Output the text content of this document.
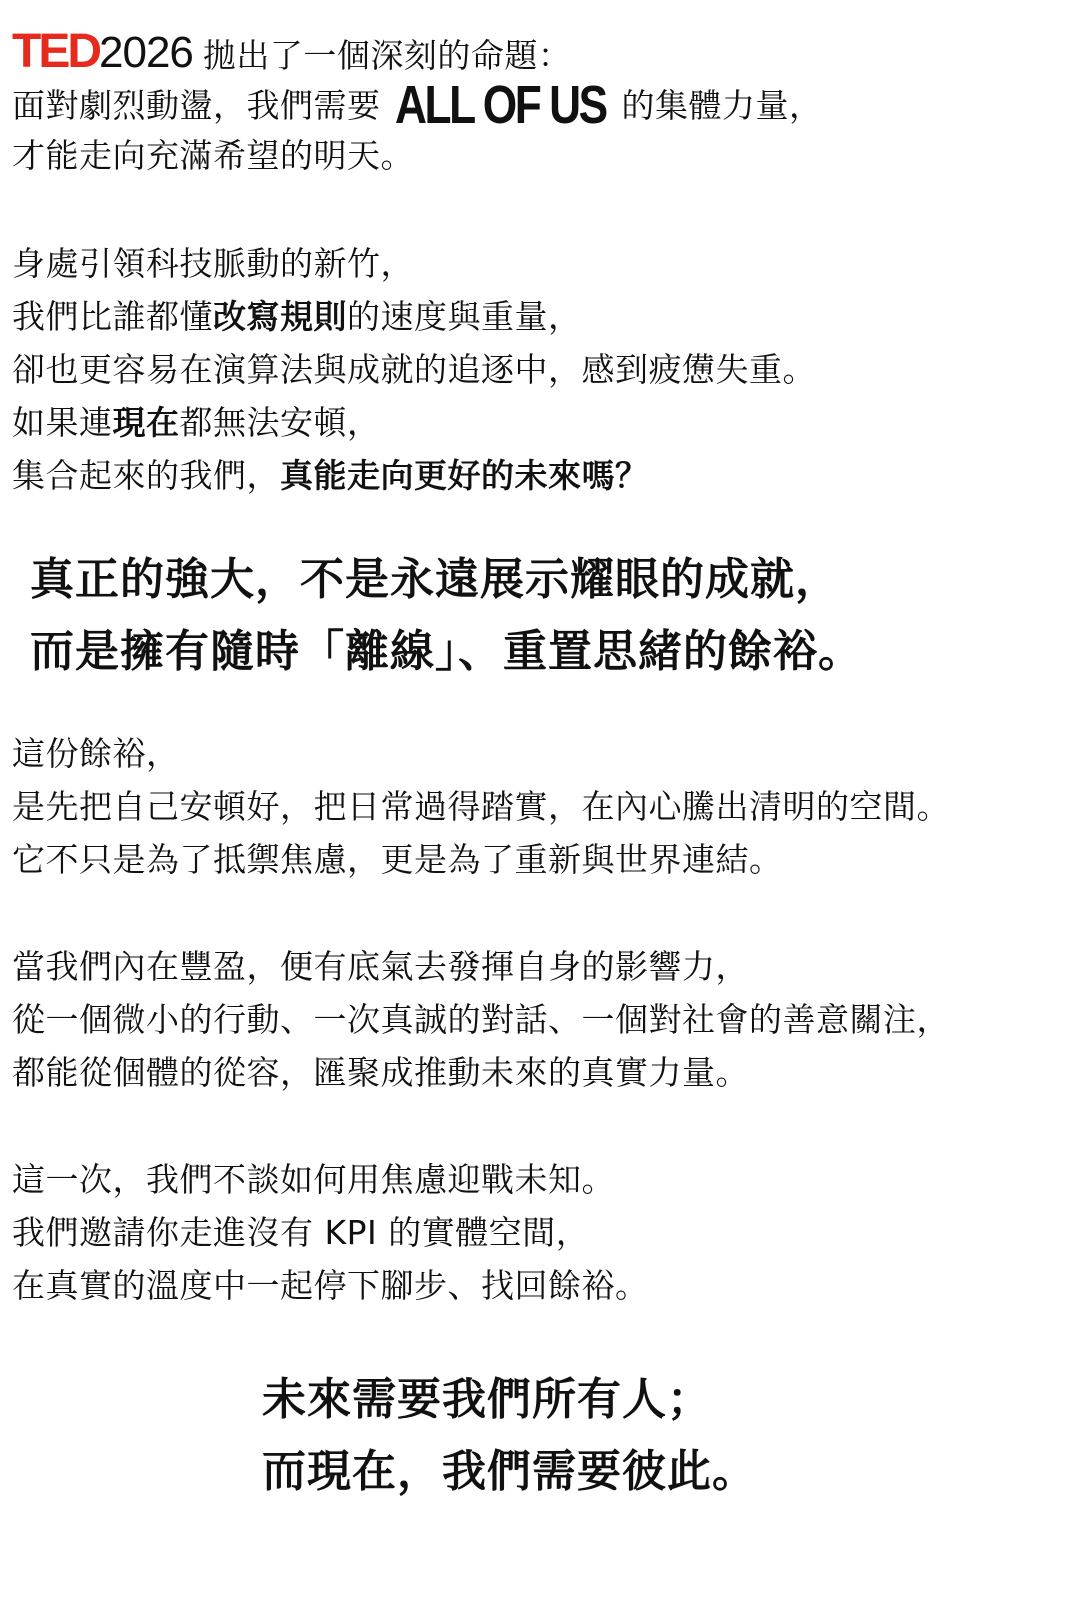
TED2026 拋出了一個深刻的命題：
面對劇烈動盪，我們需要 ALL OF US 的集體力量，
才能走向充滿希望的明天。
身處引領科技脈動的新竹，
我們比誰都懂改寫規則的速度與重量，
卻也更容易在演算法與成就的追逐中，感到疲憊失重。
如果連現在都無法安頓，
集合起來的我們，真能走向更好的未來嗎？
真正的強大，不是永遠展示耀眼的成就，
而是擁有隨時「離線」、重置思緒的餘裕。
這份餘裕，
是先把自己安頓好，把日常過得踏實，在內心騰出清明的空間。
它不只是為了抵禦焦慮，更是為了重新與世界連結。
當我們內在豐盈，便有底氣去發揮自身的影響力，
從一個微小的行動、一次真誠的對話、一個對社會的善意關注，
都能從個體的從容，匯聚成推動未來的真實力量。
這一次，我們不談如何用焦慮迎戰未知。
我們邀請你走進沒有 KPI 的實體空間，
在真實的溫度中一起停下腳步、找回餘裕。
未來需要我們所有人；
而現在，我們需要彼此。
